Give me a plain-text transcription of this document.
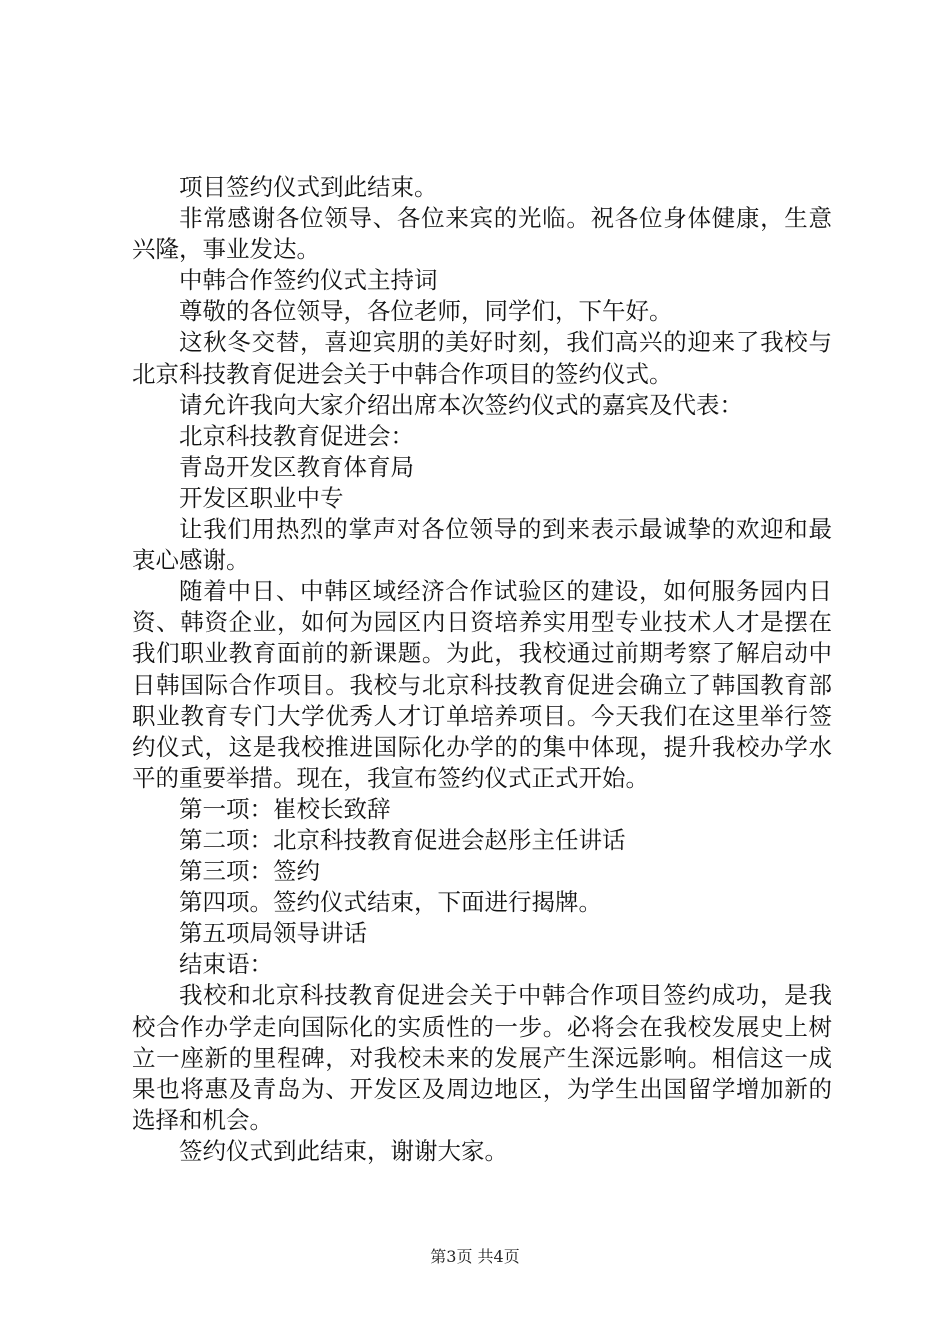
项目签约仪式到此结束。

非常感谢各位领导、各位来宾的光临。祝各位身体健康，生意兴隆，事业发达。

中韩合作签约仪式主持词

尊敬的各位领导，各位老师，同学们，下午好。

这秋冬交替，喜迎宾朋的美好时刻，我们高兴的迎来了我校与北京科技教育促进会关于中韩合作项目的签约仪式。

请允许我向大家介绍出席本次签约仪式的嘉宾及代表：

北京科技教育促进会：

青岛开发区教育体育局

开发区职业中专

让我们用热烈的掌声对各位领导的到来表示最诚挚的欢迎和最衷心感谢。

随着中日、中韩区域经济合作试验区的建设，如何服务园内日资、韩资企业，如何为园区内日资培养实用型专业技术人才是摆在我们职业教育面前的新课题。为此，我校通过前期考察了解启动中日韩国际合作项目。我校与北京科技教育促进会确立了韩国教育部职业教育专门大学优秀人才订单培养项目。今天我们在这里举行签约仪式，这是我校推进国际化办学的的集中体现，提升我校办学水平的重要举措。现在，我宣布签约仪式正式开始。

第一项：崔校长致辞

第二项：北京科技教育促进会赵彤主任讲话

第三项：签约

第四项。签约仪式结束，下面进行揭牌。

第五项局领导讲话

结束语：

我校和北京科技教育促进会关于中韩合作项目签约成功，是我校合作办学走向国际化的实质性的一步。必将会在我校发展史上树立一座新的里程碑，对我校未来的发展产生深远影响。相信这一成果也将惠及青岛为、开发区及周边地区，为学生出国留学增加新的选择和机会。

签约仪式到此结束，谢谢大家。

第3页 共4页
